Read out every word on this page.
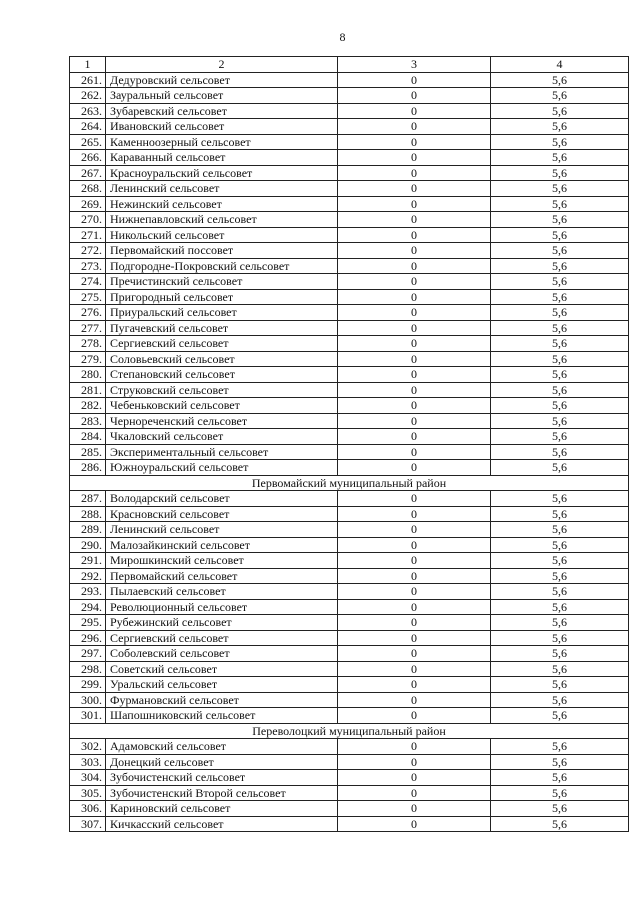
8
1	2	3	4
261.	Дедуровский сельсовет	0	5,6
262.	Зауральный сельсовет	0	5,6
263.	Зубаревский сельсовет	0	5,6
264.	Ивановский сельсовет	0	5,6
265.	Каменноозерный сельсовет	0	5,6
266.	Караванный сельсовет	0	5,6
267.	Красноуральский сельсовет	0	5,6
268.	Ленинский сельсовет	0	5,6
269.	Нежинский сельсовет	0	5,6
270.	Нижнепавловский сельсовет	0	5,6
271.	Никольский сельсовет	0	5,6
272.	Первомайский поссовет	0	5,6
273.	Подгородне-Покровский сельсовет	0	5,6
274.	Пречистинский сельсовет	0	5,6
275.	Пригородный сельсовет	0	5,6
276.	Приуральский сельсовет	0	5,6
277.	Пугачевский сельсовет	0	5,6
278.	Сергиевский сельсовет	0	5,6
279.	Соловьевский сельсовет	0	5,6
280.	Степановский сельсовет	0	5,6
281.	Струковский сельсовет	0	5,6
282.	Чебеньковский сельсовет	0	5,6
283.	Чернореченский сельсовет	0	5,6
284.	Чкаловский сельсовет	0	5,6
285.	Экспериментальный сельсовет	0	5,6
286.	Южноуральский сельсовет	0	5,6
Первомайский муниципальный район			
287.	Володарский сельсовет	0	5,6
288.	Красновский сельсовет	0	5,6
289.	Ленинский сельсовет	0	5,6
290.	Малозайкинский сельсовет	0	5,6
291.	Мирошкинский сельсовет	0	5,6
292.	Первомайский сельсовет	0	5,6
293.	Пылаевский сельсовет	0	5,6
294.	Революционный сельсовет	0	5,6
295.	Рубежинский сельсовет	0	5,6
296.	Сергиевский сельсовет	0	5,6
297.	Соболевский сельсовет	0	5,6
298.	Советский сельсовет	0	5,6
299.	Уральский сельсовет	0	5,6
300.	Фурмановский сельсовет	0	5,6
301.	Шапошниковский сельсовет	0	5,6
Переволоцкий муниципальный район			
302.	Адамовский сельсовет	0	5,6
303.	Донецкий сельсовет	0	5,6
304.	Зубочистенский сельсовет	0	5,6
305.	Зубочистенский Второй сельсовет	0	5,6
306.	Кариновский сельсовет	0	5,6
307.	Кичкасский сельсовет	0	5,6
